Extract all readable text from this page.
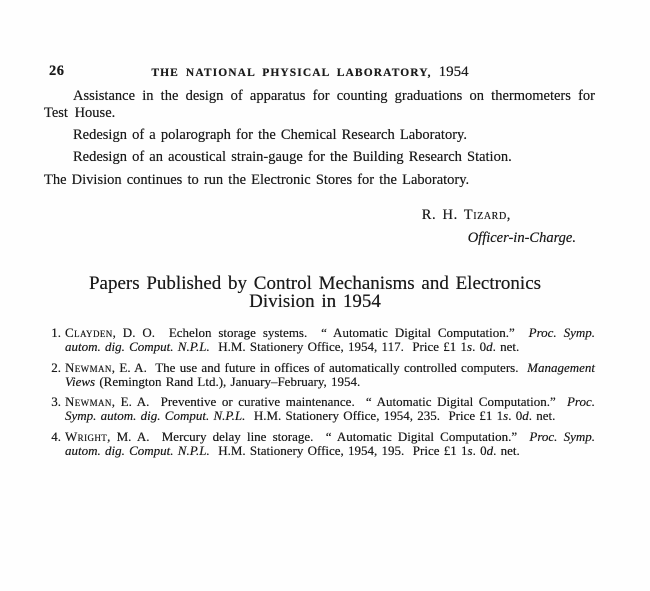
26	THE NATIONAL PHYSICAL LABORATORY, 1954

Assistance in the design of apparatus for counting graduations on thermometers for Test House.

Redesign of a polarograph for the Chemical Research Laboratory.

Redesign of an acoustical strain-gauge for the Building Research Station.

The Division continues to run the Electronic Stores for the Laboratory.

R. H. Tizard,
Officer-in-Charge.
Papers Published by Control Mechanisms and Electronics
Division in 1954
1. Clayden, D. O.  Echelon storage systems.  “ Automatic Digital Computation.”  Proc. Symp. autom. dig. Comput. N.P.L.  H.M. Stationery Office, 1954, 117.  Price £1 1s. 0d. net.

2. Newman, E. A.  The use and future in offices of automatically controlled computers.  Management Views (Remington Rand Ltd.), January–February, 1954.

3. Newman, E. A.  Preventive or curative maintenance.  “ Automatic Digital Computation.”  Proc. Symp. autom. dig. Comput. N.P.L.  H.M. Stationery Office, 1954, 235.  Price £1 1s. 0d. net.

4. Wright, M. A.  Mercury delay line storage.  “ Automatic Digital Computation.”  Proc. Symp. autom. dig. Comput. N.P.L.  H.M. Stationery Office, 1954, 195.  Price £1 1s. 0d. net.
